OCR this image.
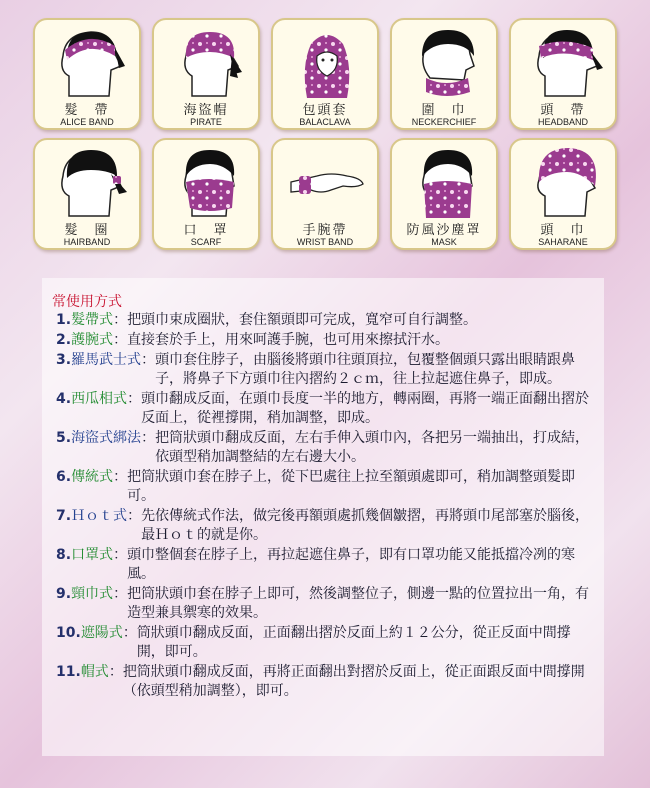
髮　帶
ALICE BAND
海盜帽
PIRATE
包頭套
BALACLAVA
圍　巾
NECKERCHIEF
頭　帶
HEADBAND
髮　圈
HAIRBAND
口　罩
SCARF
手腕帶
WRIST BAND
防風沙塵罩
MASK
頭　巾
SAHARANE
常使用方式
1. 髮帶式 ： 把頭巾束成圈狀，套住額頭即可完成，寬窄可自行調整。
2. 護腕式 ： 直接套於手上，用來呵護手腕，也可用來擦拭汗水。
3. 羅馬武士式 ： 頭巾套住脖子，由腦後將頭巾往頭頂拉，包覆整個頭只露出眼睛跟鼻子，將鼻子下方頭巾往內摺約２ｃｍ，往上拉起遮住鼻子，即成。
4. 西瓜相式 ： 頭巾翻成反面，在頭巾長度一半的地方，轉兩圈，再將一端正面翻出摺於反面上，從裡撐開，稍加調整，即成。
5. 海盜式綁法 ： 把筒狀頭巾翻成反面，左右手伸入頭巾內，各把另一端抽出，打成結，依頭型稍加調整結的左右邊大小。
6. 傳統式 ： 把筒狀頭巾套在脖子上，從下巴處往上拉至額頭處即可，稍加調整頭髮即可。
7. Ｈｏｔ式 ： 先依傳統式作法，做完後再額頭處抓幾個皺摺，再將頭巾尾部塞於腦後，最Ｈｏｔ的就是你。
8. 口罩式 ： 頭巾整個套在脖子上，再拉起遮住鼻子，即有口罩功能又能抵擋冷冽的寒風。
9. 頸巾式 ： 把筒狀頭巾套在脖子上即可，然後調整位子，側邊一點的位置拉出一角，有造型兼具禦寒的效果。
10. 遮陽式 ： 筒狀頭巾翻成反面，正面翻出摺於反面上約１２公分，從正反面中間撐開，即可。
11. 帽式 ： 把筒狀頭巾翻成反面，再將正面翻出對摺於反面上，從正面跟反面中間撐開（依頭型稍加調整），即可。
